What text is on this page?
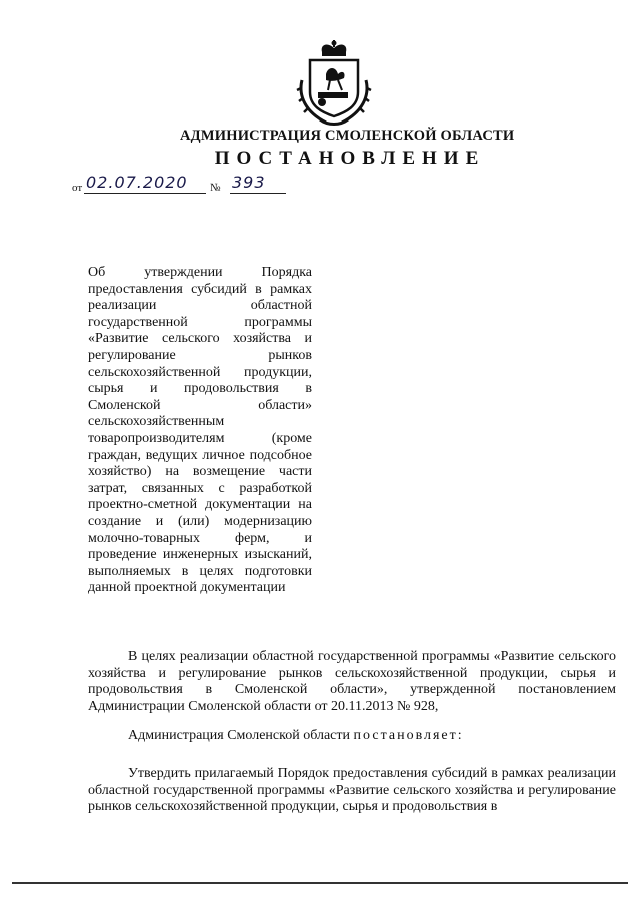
АДМИНИСТРАЦИЯ СМОЛЕНСКОЙ ОБЛАСТИ
ПОСТАНОВЛЕНИЕ
от 02.07.2020 № 393
Об утверждении Порядка предоставления субсидий в рамках реализации областной государственной программы «Развитие сельского хозяйства и регулирование рынков сельскохозяйственной продукции, сырья и продовольствия в Смоленской области» сельскохозяйственным товаропроизводителям (кроме граждан, ведущих личное подсобное хозяйство) на возмещение части затрат, связанных с разработкой проектно-сметной документации на создание и (или) модернизацию молочно-товарных ферм, и проведение инженерных изысканий, выполняемых в целях подготовки данной проектной документации

В целях реализации областной государственной программы «Развитие сельского хозяйства и регулирование рынков сельскохозяйственной продукции, сырья и продовольствия в Смоленской области», утвержденной постановлением Администрации Смоленской области от 20.11.2013 № 928,

Администрация Смоленской области постановляет:

Утвердить прилагаемый Порядок предоставления субсидий в рамках реализации областной государственной программы «Развитие сельского хозяйства и регулирование рынков сельскохозяйственной продукции, сырья и продовольствия в
